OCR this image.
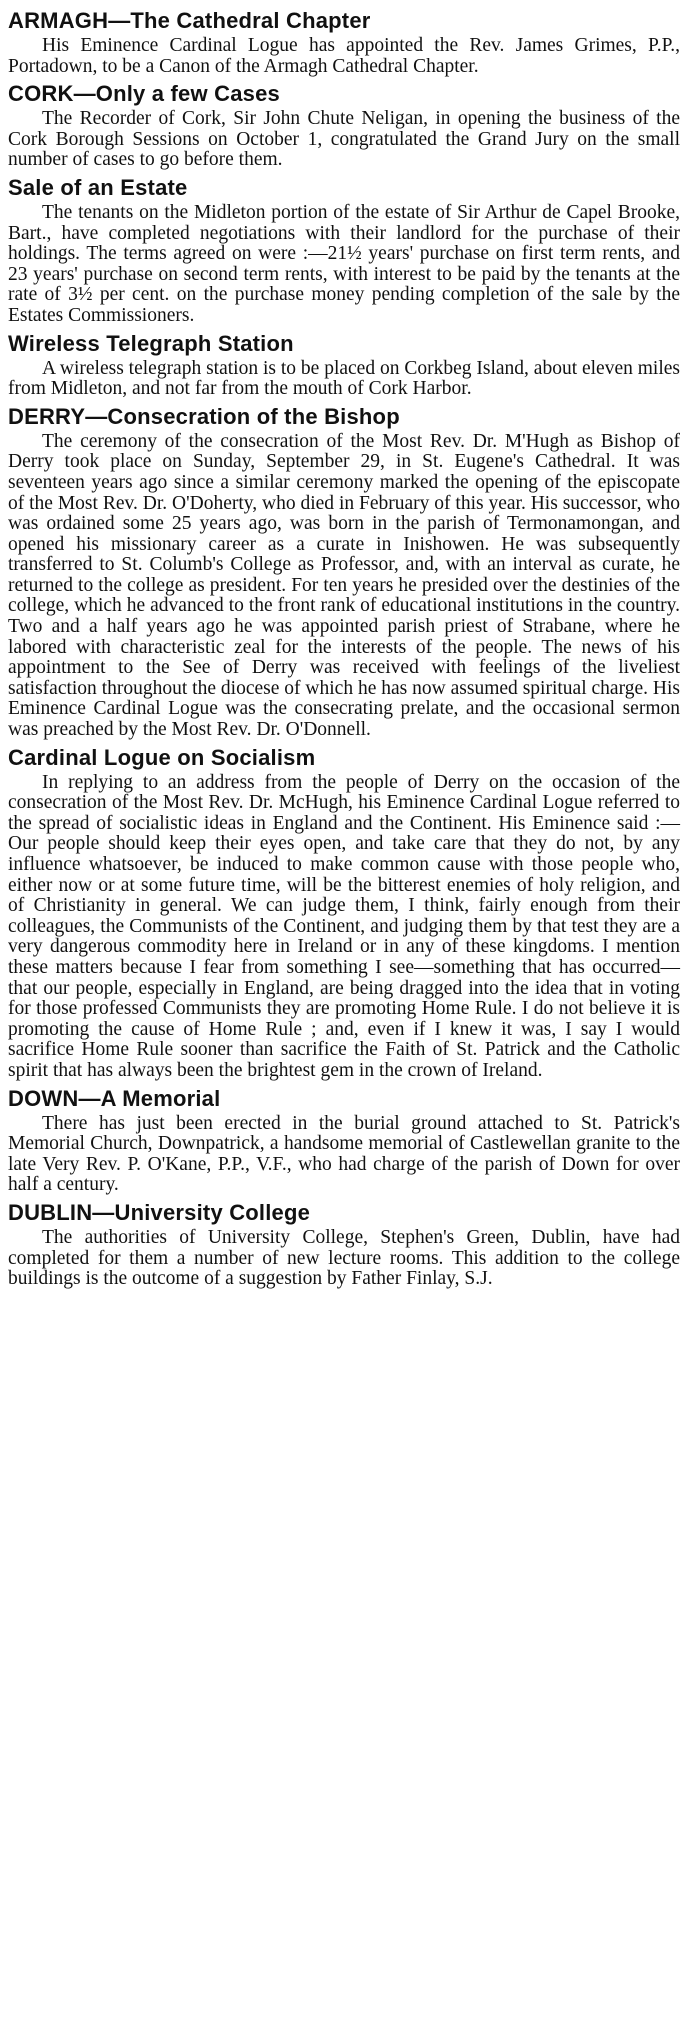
ARMAGH—The Cathedral Chapter

His Eminence Cardinal Logue has appointed the Rev. James Grimes, P.P., Portadown, to be a Canon of the Armagh Cathedral Chapter.

CORK—Only a few Cases

The Recorder of Cork, Sir John Chute Neligan, in opening the business of the Cork Borough Sessions on October 1, congratulated the Grand Jury on the small number of cases to go before them.

Sale of an Estate

The tenants on the Midleton portion of the estate of Sir Arthur de Capel Brooke, Bart., have completed negotiations with their landlord for the purchase of their holdings. The terms agreed on were :—21½ years' purchase on first term rents, and 23 years' purchase on second term rents, with interest to be paid by the tenants at the rate of 3½ per cent. on the purchase money pending completion of the sale by the Estates Commissioners.

Wireless Telegraph Station

A wireless telegraph station is to be placed on Corkbeg Island, about eleven miles from Midleton, and not far from the mouth of Cork Harbor.

DERRY—Consecration of the Bishop

The ceremony of the consecration of the Most Rev. Dr. M'Hugh as Bishop of Derry took place on Sunday, September 29, in St. Eugene's Cathedral. It was seventeen years ago since a similar ceremony marked the opening of the episcopate of the Most Rev. Dr. O'Doherty, who died in February of this year. His successor, who was ordained some 25 years ago, was born in the parish of Termonamongan, and opened his missionary career as a curate in Inishowen. He was subsequently transferred to St. Columb's College as Professor, and, with an interval as curate, he returned to the college as president. For ten years he presided over the destinies of the college, which he advanced to the front rank of educational institutions in the country. Two and a half years ago he was appointed parish priest of Strabane, where he labored with characteristic zeal for the interests of the people. The news of his appointment to the See of Derry was received with feelings of the liveliest satisfaction throughout the diocese of which he has now assumed spiritual charge. His Eminence Cardinal Logue was the consecrating prelate, and the occasional sermon was preached by the Most Rev. Dr. O'Donnell.

Cardinal Logue on Socialism

In replying to an address from the people of Derry on the occasion of the consecration of the Most Rev. Dr. McHugh, his Eminence Cardinal Logue referred to the spread of socialistic ideas in England and the Continent. His Eminence said :—Our people should keep their eyes open, and take care that they do not, by any influence whatsoever, be induced to make common cause with those people who, either now or at some future time, will be the bitterest enemies of holy religion, and of Christianity in general. We can judge them, I think, fairly enough from their colleagues, the Communists of the Continent, and judging them by that test they are a very dangerous commodity here in Ireland or in any of these kingdoms. I mention these matters because I fear from something I see—something that has occurred—that our people, especially in England, are being dragged into the idea that in voting for those professed Communists they are promoting Home Rule. I do not believe it is promoting the cause of Home Rule ; and, even if I knew it was, I say I would sacrifice Home Rule sooner than sacrifice the Faith of St. Patrick and the Catholic spirit that has always been the brightest gem in the crown of Ireland.

DOWN—A Memorial

There has just been erected in the burial ground attached to St. Patrick's Memorial Church, Downpatrick, a handsome memorial of Castlewellan granite to the late Very Rev. P. O'Kane, P.P., V.F., who had charge of the parish of Down for over half a century.

DUBLIN—University College

The authorities of University College, Stephen's Green, Dublin, have had completed for them a number of new lecture rooms. This addition to the college buildings is the outcome of a suggestion by Father Finlay, S.J.
